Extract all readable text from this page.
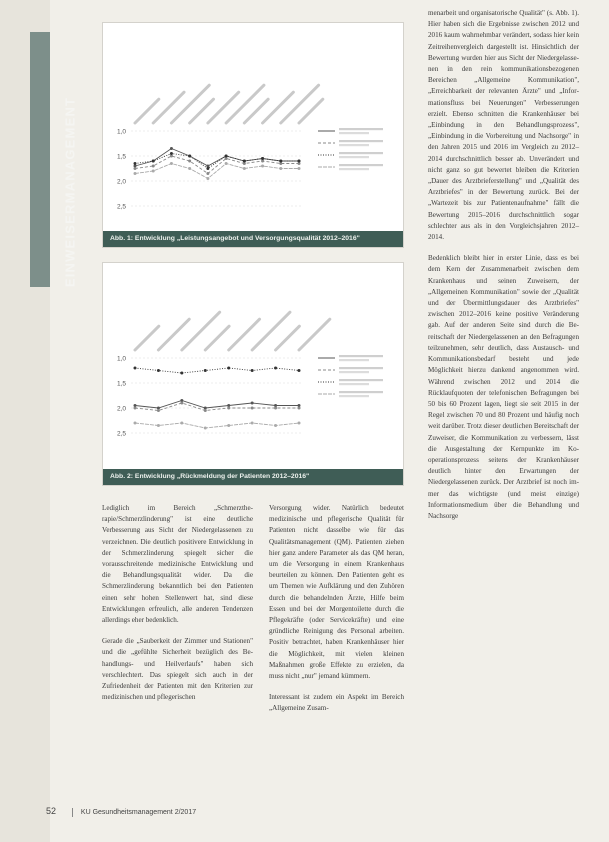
EINWEISERMANAGEMENT	1,0
1,5
2,0
2,5
Abb. 1: Entwicklung „Leistungsangebot und Versorgungsqualität 2012–2016"
1,0
1,5
2,0
2,5
Abb. 2: Entwicklung „Rückmeldung der Patienten 2012–2016"

Lediglich im Bereich „Schmerztherapie/Schmerzlinderung" ist eine deutliche Verbesserung aus Sicht der Niedergelassenen zu verzeichnen. Die deutlich positivere Entwicklung in der Schmerzlinderung spiegelt sicher die vorausschreitende medizinische Entwicklung und die Behandlungsqualität wider. Da die Schmerzlinderung bekanntlich bei den Patienten einen sehr hohen Stellenwert hat, sind diese Entwicklungen erfreulich, alle anderen Tendenzen allerdings eher bedenklich.

Gerade die „Sauberkeit der Zimmer und Stationen" und die „gefühlte Sicherheit bezüglich des Behandlungs- und Heilverlaufs" haben sich verschlechtert. Das spiegelt sich auch in der Zufriedenheit der Patienten mit den Kriterien zur medizinischen und pflegerischen

Versorgung wider. Natürlich bedeutet medizinische und pflegerische Qualität für Patienten nicht dasselbe wie für das Qualitätsmanagement (QM). Patienten ziehen hier ganz andere Parameter als das QM heran, um die Versorgung in einem Krankenhaus beurteilen zu können. Den Patienten geht es um Themen wie Aufklärung und den Zuhören durch die behandelnden Ärzte, Hilfe beim Essen und bei der Morgentoilette durch die Pflegekräfte (oder Servicekräfte) und eine gründliche Reinigung des Personal arbeiten. Positiv betrachtet, haben Krankenhäuser hier die Möglichkeit, mit vielen kleinen Maßnahmen große Effekte zu erzielen, da muss nicht „nur" jemand kümmern.

Interessant ist zudem ein Aspekt im Bereich „Allgemeine Zusam-

menarbeit und organisatorische Qualität" (s. Abb. 1). Hier haben sich die Ergebnisse zwischen 2012 und 2016 kaum wahrnehmbar verändert, sodass hier kein Zeitreihenvergleich dargestellt ist. Hinsichtlich der Bewertung wurden hier aus Sicht der Niedergelassenen in den rein kommunikationsbezogenen Bereichen „Allgemeine Kommunikation", „Erreichbarkeit der relevanten Ärzte" und „Informationsfluss bei Neuerungen" Verbesserungen erzielt. Ebenso schnitten die Krankenhäuser bei „Einbindung in den Behandlungsprozess", „Einbindung in die Vorbereitung und Nachsorge" in den Jahren 2015 und 2016 im Vergleich zu 2012–2014 durchschnittlich besser ab. Unverändert und nicht ganz so gut bewertet bleiben die Kriterien „Dauer des Arztbrieferstellung" und „Qualität des Arztbriefes" in der Bewertung zurück. Bei der „Wartezeit bis zur Patientenaufnahme" fällt die Bewertung 2015–2016 durchschnittlich sogar schlechter aus als in den Vorgleichsjahren 2012–2014.

Bedenklich bleibt hier in erster Linie, dass es bei dem Kern der Zusammenarbeit zwischen dem Krankenhaus und seinen Zuweisern, der „Allgemeinen Kommunikation" sowie der „Qualität und der Übermittlungsdauer des Arztbriefes" zwischen 2012–2016 keine positive Veränderung gab. Auf der anderen Seite sind durch die Bereitschaft der Niedergelassenen an den Befragungen teilzunehmen, sehr deutlich, dass Austausch- und Kommunikationsbedarf besteht und jede Möglichkeit hierzu dankend angenommen wird. Während zwischen 2012 und 2014 die Rücklaufquoten der telefonischen Befragungen bei 50 bis 60 Prozent lagen, liegt sie seit 2015 in der Regel zwischen 70 und 80 Prozent und häufig noch weit darüber. Trotz dieser deutlichen Bereitschaft der Zuweiser, die Kommunikation zu verbessern, lässt die Ausgestaltung der Kernpunkte im Kooperationsprozess seitens der Krankenhäuser deutlich hinter den Erwartungen der Niedergelassenen zurück. Der Arztbrief ist noch immer das wichtigste (und meist einzige) Informationsmedium über die Behandlung und Nachsorge

52	KU Gesundheitsmanagement 2/2017
